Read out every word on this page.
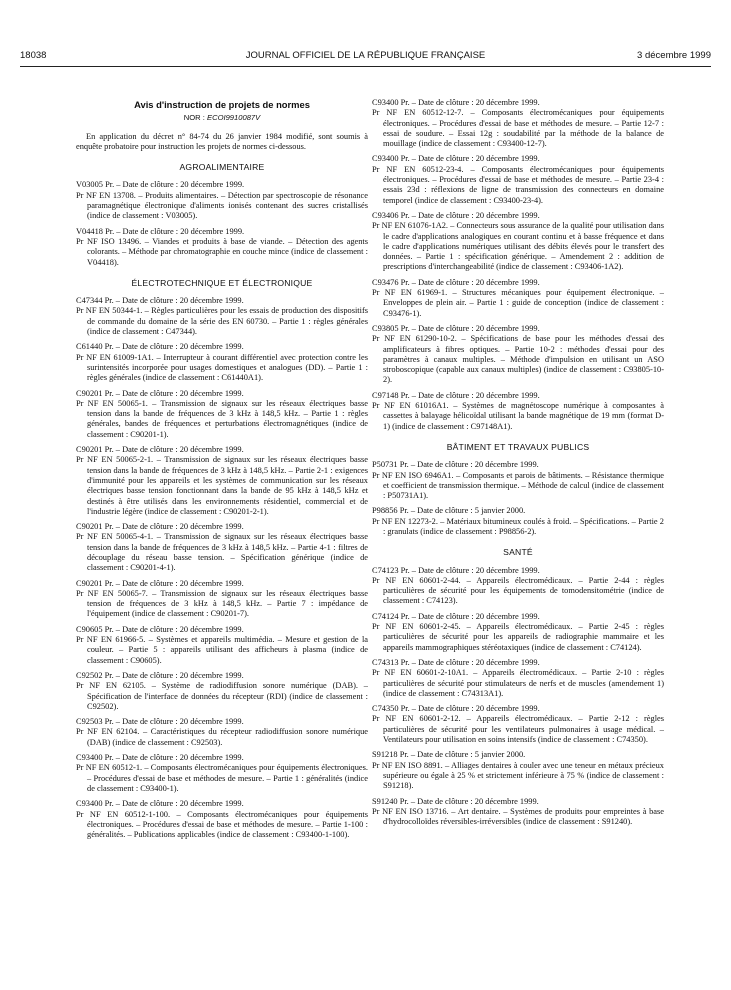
18038	JOURNAL OFFICIEL DE LA RÉPUBLIQUE FRANÇAISE	3 décembre 1999
Avis d'instruction de projets de normes
NOR : ECOI9910087V
En application du décret n° 84-74 du 26 janvier 1984 modifié, sont soumis à enquête probatoire pour instruction les projets de normes ci-dessous.
AGROALIMENTAIRE

V03005 Pr. – Date de clôture : 20 décembre 1999.

Pr NF EN 13708. – Produits alimentaires. – Détection par spectroscopie de résonance paramagnétique électronique d'aliments ionisés contenant des sucres cristallisés (indice de classement : V03005).

V04418 Pr. – Date de clôture : 20 décembre 1999.

Pr NF ISO 13496. – Viandes et produits à base de viande. – Détection des agents colorants. – Méthode par chromatographie en couche mince (indice de classement : V04418).

ÉLECTROTECHNIQUE ET ÉLECTRONIQUE

C47344 Pr. – Date de clôture : 20 décembre 1999.

Pr NF EN 50344-1. – Règles particulières pour les essais de production des dispositifs de commande du domaine de la série des EN 60730. – Partie 1 : règles générales (indice de classement : C47344).

C61440 Pr. – Date de clôture : 20 décembre 1999.

Pr NF EN 61009-1A1. – Interrupteur à courant différentiel avec protection contre les surintensités incorporée pour usages domestiques et analogues (DD). – Partie 1 : règles générales (indice de classement : C61440A1).

C90201 Pr. – Date de clôture : 20 décembre 1999.

Pr NF EN 50065-1. – Transmission de signaux sur les réseaux électriques basse tension dans la bande de fréquences de 3 kHz à 148,5 kHz. – Partie 1 : règles générales, bandes de fréquences et perturbations électromagnétiques (indice de classement : C90201-1).

C90201 Pr. – Date de clôture : 20 décembre 1999.

Pr NF EN 50065-2-1. – Transmission de signaux sur les réseaux électriques basse tension dans la bande de fréquences de 3 kHz à 148,5 kHz. – Partie 2-1 : exigences d'immunité pour les appareils et les systèmes de communication sur les réseaux électriques basse tension fonctionnant dans la bande de 95 kHz à 148,5 kHz et destinés à être utilisés dans les environnements résidentiel, commercial et de l'industrie légère (indice de classement : C90201-2-1).

C90201 Pr. – Date de clôture : 20 décembre 1999.

Pr NF EN 50065-4-1. – Transmission de signaux sur les réseaux électriques basse tension dans la bande de fréquences de 3 kHz à 148,5 kHz. – Partie 4-1 : filtres de découplage du réseau basse tension. – Spécification générique (indice de classement : C90201-4-1).

C90201 Pr. – Date de clôture : 20 décembre 1999.

Pr NF EN 50065-7. – Transmission de signaux sur les réseaux électriques basse tension de fréquences de 3 kHz à 148,5 kHz. – Partie 7 : impédance de l'équipement (indice de classement : C90201-7).

C90605 Pr. – Date de clôture : 20 décembre 1999.

Pr NF EN 61966-5. – Systèmes et appareils multimédia. – Mesure et gestion de la couleur. – Partie 5 : appareils utilisant des afficheurs à plasma (indice de classement : C90605).

C92502 Pr. – Date de clôture : 20 décembre 1999.

Pr NF EN 62105. – Système de radiodiffusion sonore numérique (DAB). – Spécification de l'interface de données du récepteur (RDI) (indice de classement : C92502).

C92503 Pr. – Date de clôture : 20 décembre 1999.

Pr NF EN 62104. – Caractéristiques du récepteur radiodiffusion sonore numérique (DAB) (indice de classement : C92503).

C93400 Pr. – Date de clôture : 20 décembre 1999.

Pr NF EN 60512-1. – Composants électromécaniques pour équipements électroniques. – Procédures d'essai de base et méthodes de mesure. – Partie 1 : généralités (indice de classement : C93400-1).

C93400 Pr. – Date de clôture : 20 décembre 1999.

Pr NF EN 60512-1-100. – Composants électromécaniques pour équipements électroniques. – Procédures d'essai de base et méthodes de mesure. – Partie 1-100 : généralités. – Publications applicables (indice de classement : C93400-1-100).

C93400 Pr. – Date de clôture : 20 décembre 1999.

Pr NF EN 60512-12-7. – Composants électromécaniques pour équipements électroniques. – Procédures d'essai de base et méthodes de mesure. – Partie 12-7 : essai de soudure. – Essai 12g : soudabilité par la méthode de la balance de mouillage (indice de classement : C93400-12-7).

C93400 Pr. – Date de clôture : 20 décembre 1999.

Pr NF EN 60512-23-4. – Composants électromécaniques pour équipements électroniques. – Procédures d'essai de base et méthodes de mesure. – Partie 23-4 : essais 23d : réflexions de ligne de transmission des connecteurs en domaine temporel (indice de classement : C93400-23-4).

C93406 Pr. – Date de clôture : 20 décembre 1999.

Pr NF EN 61076-1A2. – Connecteurs sous assurance de la qualité pour utilisation dans le cadre d'applications analogiques en courant continu et à basse fréquence et dans le cadre d'applications numériques utilisant des débits élevés pour le transfert des données. – Partie 1 : spécification générique. – Amendement 2 : addition de prescriptions d'interchangeabilité (indice de classement : C93406-1A2).

C93476 Pr. – Date de clôture : 20 décembre 1999.

Pr NF EN 61969-1. – Structures mécaniques pour équipement électronique. – Enveloppes de plein air. – Partie 1 : guide de conception (indice de classement : C93476-1).

C93805 Pr. – Date de clôture : 20 décembre 1999.

Pr NF EN 61290-10-2. – Spécifications de base pour les méthodes d'essai des amplificateurs à fibres optiques. – Partie 10-2 : méthodes d'essai pour des paramètres à canaux multiples. – Méthode d'impulsion en utilisant un ASO stroboscopique (capable aux canaux multiples) (indice de classement : C93805-10-2).

C97148 Pr. – Date de clôture : 20 décembre 1999.

Pr NF EN 61016A1. – Systèmes de magnétoscope numérique à composantes à cassettes à balayage hélicoïdal utilisant la bande magnétique de 19 mm (format D-1) (indice de classement : C97148A1).

BÂTIMENT ET TRAVAUX PUBLICS

P50731 Pr. – Date de clôture : 20 décembre 1999.

Pr NF EN ISO 6946A1. – Composants et parois de bâtiments. – Résistance thermique et coefficient de transmission thermique. – Méthode de calcul (indice de classement : P50731A1).

P98856 Pr. – Date de clôture : 5 janvier 2000.

Pr NF EN 12273-2. – Matériaux bitumineux coulés à froid. – Spécifications. – Partie 2 : granulats (indice de classement : P98856-2).

SANTÉ

C74123 Pr. – Date de clôture : 20 décembre 1999.

Pr NF EN 60601-2-44. – Appareils électromédicaux. – Partie 2-44 : règles particulières de sécurité pour les équipements de tomodensitométrie (indice de classement : C74123).

C74124 Pr. – Date de clôture : 20 décembre 1999.

Pr NF EN 60601-2-45. – Appareils électromédicaux. – Partie 2-45 : règles particulières de sécurité pour les appareils de radiographie mammaire et les appareils mammographiques stéréotaxiques (indice de classement : C74124).

C74313 Pr. – Date de clôture : 20 décembre 1999.

Pr NF EN 60601-2-10A1. – Appareils électromédicaux. – Partie 2-10 : règles particulières de sécurité pour stimulateurs de nerfs et de muscles (amendement 1) (indice de classement : C74313A1).

C74350 Pr. – Date de clôture : 20 décembre 1999.

Pr NF EN 60601-2-12. – Appareils électromédicaux. – Partie 2-12 : règles particulières de sécurité pour les ventilateurs pulmonaires à usage médical. – Ventilateurs pour utilisation en soins intensifs (indice de classement : C74350).

S91218 Pr. – Date de clôture : 5 janvier 2000.

Pr NF EN ISO 8891. – Alliages dentaires à couler avec une teneur en métaux précieux supérieure ou égale à 25 % et strictement inférieure à 75 % (indice de classement : S91218).

S91240 Pr. – Date de clôture : 20 décembre 1999.

Pr NF EN ISO 13716. – Art dentaire. – Systèmes de produits pour empreintes à base d'hydrocolloïdes réversibles-irréversibles (indice de classement : S91240).
